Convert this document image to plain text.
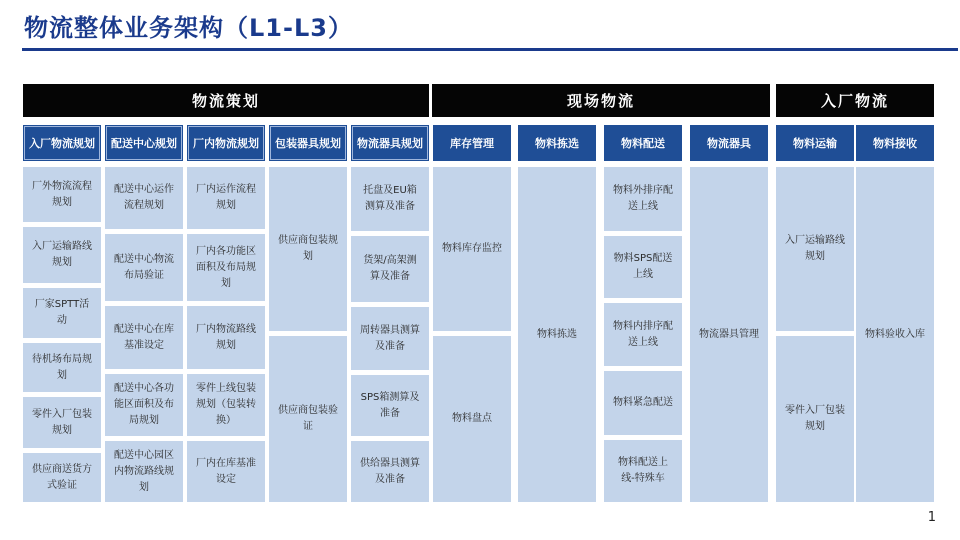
物流整体业务架构（L1-L3）
物流策划	现场物流	入厂物流
入厂物流规划
厂外物流流程规划
入厂运输路线规划
厂家SPTT活动
待机场布局规划
零件入厂包装规划
供应商送货方式验证
配送中心规划
配送中心运作流程规划
配送中心物流布局验证
配送中心在库基准设定
配送中心各功能区面积及布局规划
配送中心园区内物流路线规划
厂内物流规划
厂内运作流程规划
厂内各功能区面积及布局规划
厂内物流路线规划
零件上线包装规划（包装转换）
厂内在库基准设定
包装器具规划
供应商包装规划
供应商包装验证
物流器具规划
托盘及EU箱测算及准备
货架/高架测算及准备
周转器具测算及准备
SPS箱测算及准备
供给器具测算及准备
库存管理
物料库存监控
物料盘点
物料拣选
物料拣选
物料配送
物料外排序配送上线
物料SPS配送上线
物料内排序配送上线
物料紧急配送
物料配送上线-特殊车
物流器具
物流器具管理
物料运输
入厂运输路线规划
零件入厂包装规划
物料接收
物料验收入库
1
